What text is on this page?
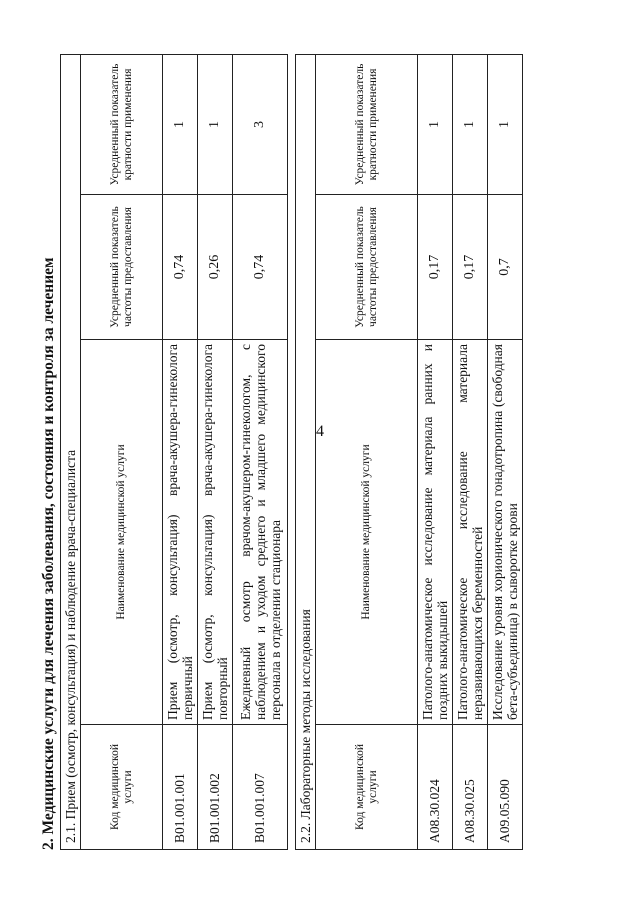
4
2. Медицинские услуги для лечения заболевания, состояния и контроля за лечением 2.1. Прием (осмотр, консультация) и наблюдение врача-специалиста			
Код медицинской услуги	Наименование медицинской услуги	Усредненный показатель частоты предоставления	Усредненный показатель кратности применения
B01.001.001	Прием (осмотр, консультация) врача-акушера-гинеколога первичный	0,74	1
B01.001.002	Прием (осмотр, консультация) врача-акушера-гинеколога повторный	0,26	1
B01.001.007	Ежедневный осмотр врачом-акушером-гинекологом, с наблюдением и уходом среднего и младшего медицинского персонала в отделении стационара	0,74	3
2.2. Лабораторные методы исследования			
Код медицинской услуги	Наименование медицинской услуги	Усредненный показатель частоты предоставления	Усредненный показатель кратности применения
A08.30.024	Патолого-анатомическое исследование материала ранних и поздних выкидышей	0,17	1
A08.30.025	Патолого-анатомическое исследование материала неразвивающихся беременностей	0,17	1
A09.05.090	Исследование уровня хорионического гонадотропина (свободная бета-субъединица) в сыворотке крови	0,7	1
